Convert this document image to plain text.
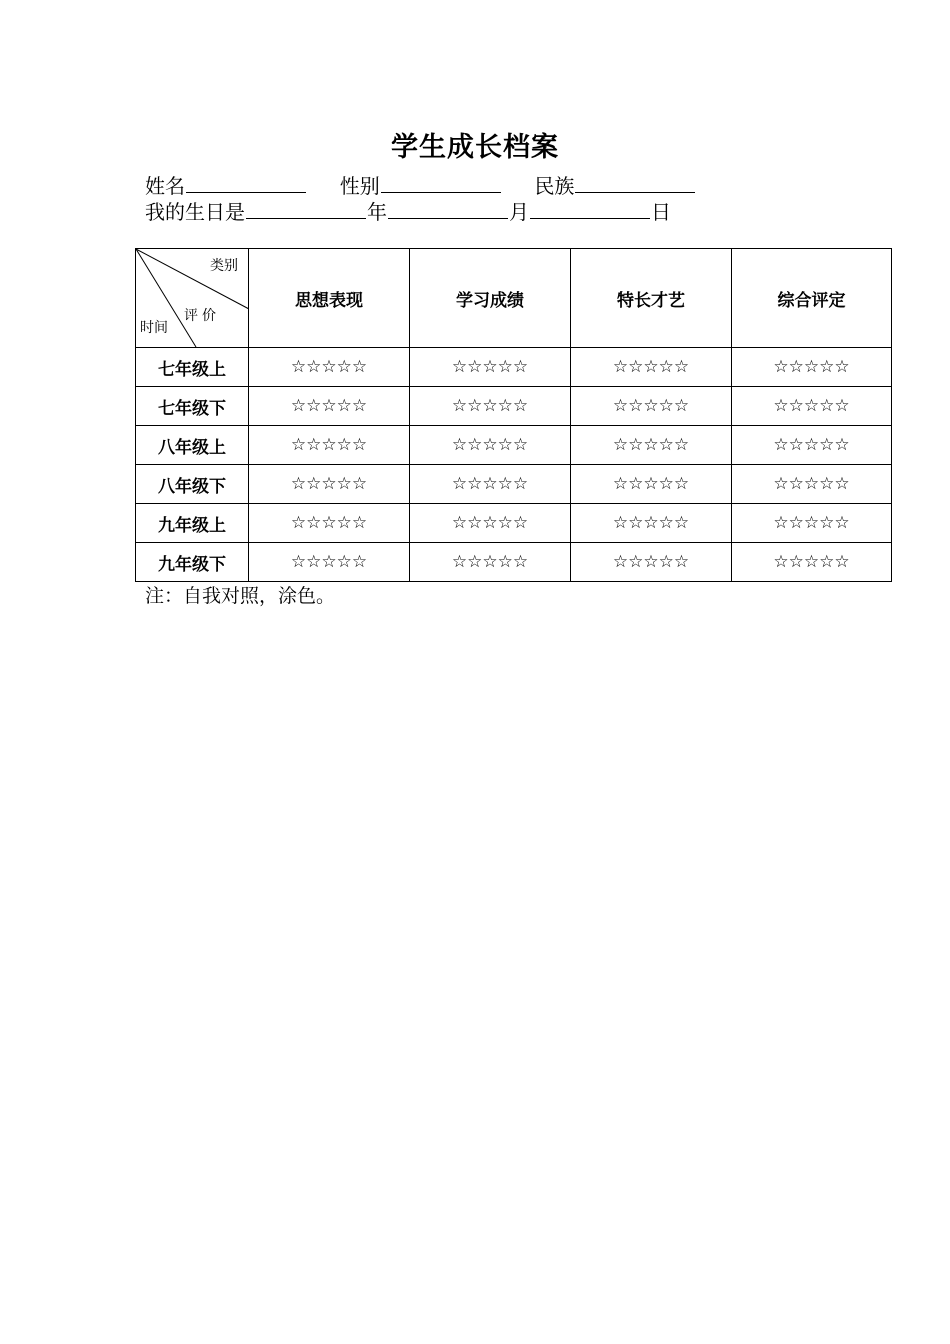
学生成长档案
姓名	性别	民族
我的生日是	年	月	日
类别
评价
时间	思想表现	学习成绩	特长才艺	综合评定
七年级上	☆☆☆☆☆	☆☆☆☆☆	☆☆☆☆☆	☆☆☆☆☆
七年级下	☆☆☆☆☆	☆☆☆☆☆	☆☆☆☆☆	☆☆☆☆☆
八年级上	☆☆☆☆☆	☆☆☆☆☆	☆☆☆☆☆	☆☆☆☆☆
八年级下	☆☆☆☆☆	☆☆☆☆☆	☆☆☆☆☆	☆☆☆☆☆
九年级上	☆☆☆☆☆	☆☆☆☆☆	☆☆☆☆☆	☆☆☆☆☆
九年级下	☆☆☆☆☆	☆☆☆☆☆	☆☆☆☆☆	☆☆☆☆☆
注：自我对照，涂色。
